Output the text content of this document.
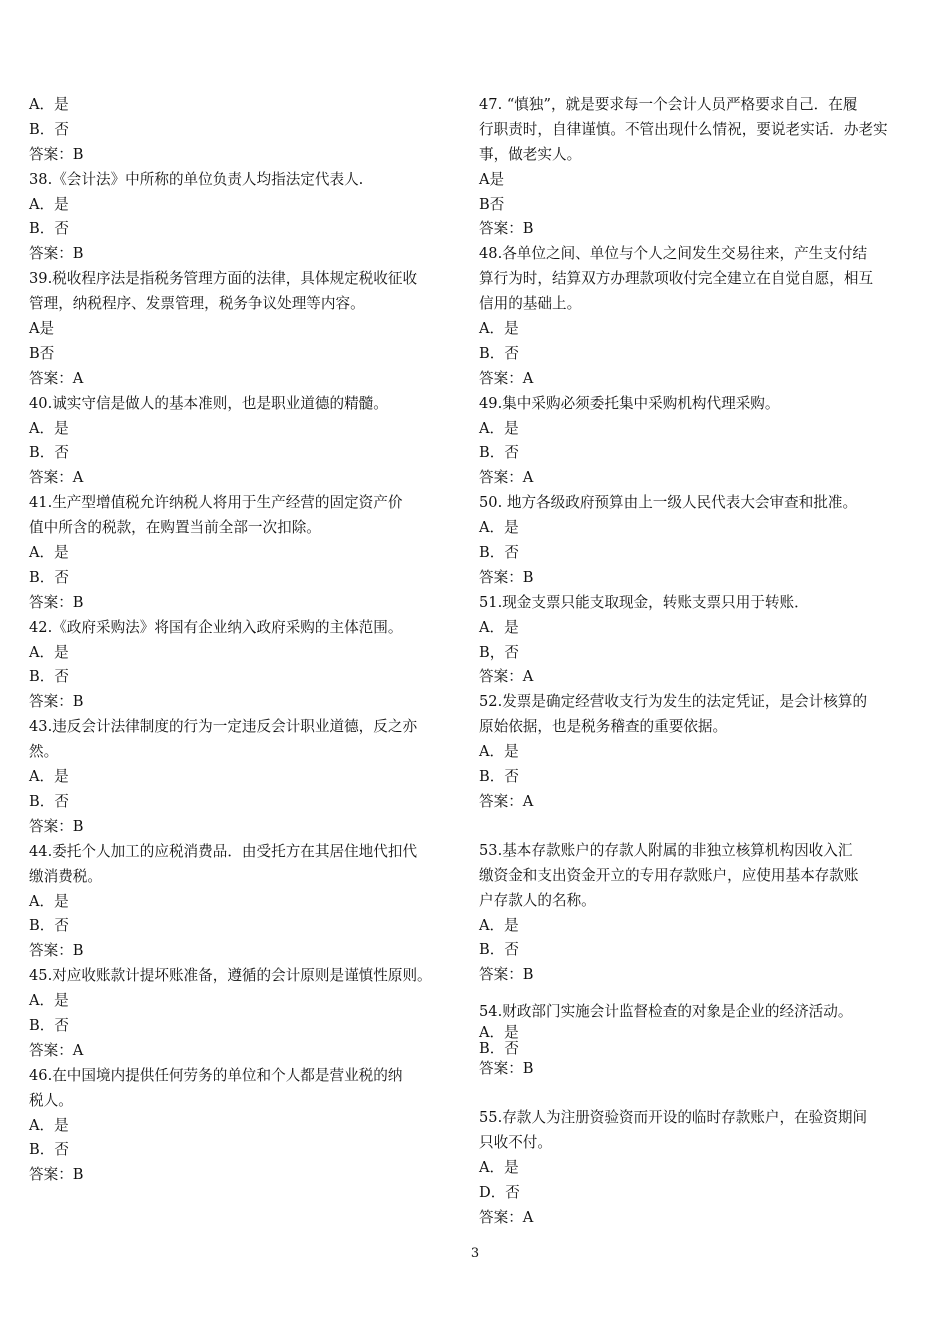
A．是
B．否
答案：B
38.《会计法》中所称的单位负责人均指法定代表人.
A．是
B．否
答案：B
39.税收程序法是指税务管理方面的法律，具体规定税收征收
管理，纳税程序、发票管理，税务争议处理等内容。
A是
B否
答案：A
40.诚实守信是做人的基本准则，也是职业道德的精髓。
A．是
B．否
答案：A
41.生产型增值税允许纳税人将用于生产经营的固定资产价
值中所含的税款，在购置当前全部一次扣除。
A．是
B．否
答案：B
42.《政府采购法》将国有企业纳入政府采购的主体范围。
A．是
B．否
答案：B
43.违反会计法律制度的行为一定违反会计职业道德，反之亦
然。
A．是
B．否
答案：B
44.委托个人加工的应税消费品．由受托方在其居住地代扣代
缴消费税。
A．是
B．否
答案：B
45.对应收账款计提坏账准备，遵循的会计原则是谨慎性原则。
A．是
B．否
答案：A
46.在中国境内提供任何劳务的单位和个人都是营业税的纳
税人。
A．是
B．否
答案：B
47. “慎独”，就是要求每一个会计人员严格要求自己．在履
行职责时，自律谨慎。不管出现什么情祝，要说老实话．办老实
事，做老实人。
A是
B否
答案：B
48.各单位之间、单位与个人之间发生交易往来，产生支付结
算行为时，结算双方办理款项收付完全建立在自觉自愿，相互
信用的基础上。
A．是
B．否
答案：A
49.集中采购必须委托集中采购机构代理采购。
A．是
B．否
答案：A
50. 地方各级政府预算由上一级人民代表大会审查和批准。
A．是
B．否
答案：B
51.现金支票只能支取现金，转账支票只用于转账．
A．是
B，否
答案：A
52.发票是确定经营收支行为发生的法定凭证，是会计核算的
原始依据，也是税务稽查的重要依据。
A．是
B．否
答案：A
53.基本存款账户的存款人附属的非独立核算机构因收入汇
缴资金和支出资金开立的专用存款账户，应使用基本存款账
户存款人的名称。
A．是
B．否
答案：B
54.财政部门实施会计监督检查的对象是企业的经济活动。
A．是
B．否
答案：B
55.存款人为注册资验资而开设的临时存款账户，在验资期间
只收不付。
A．是
D．否
答案：A
3
